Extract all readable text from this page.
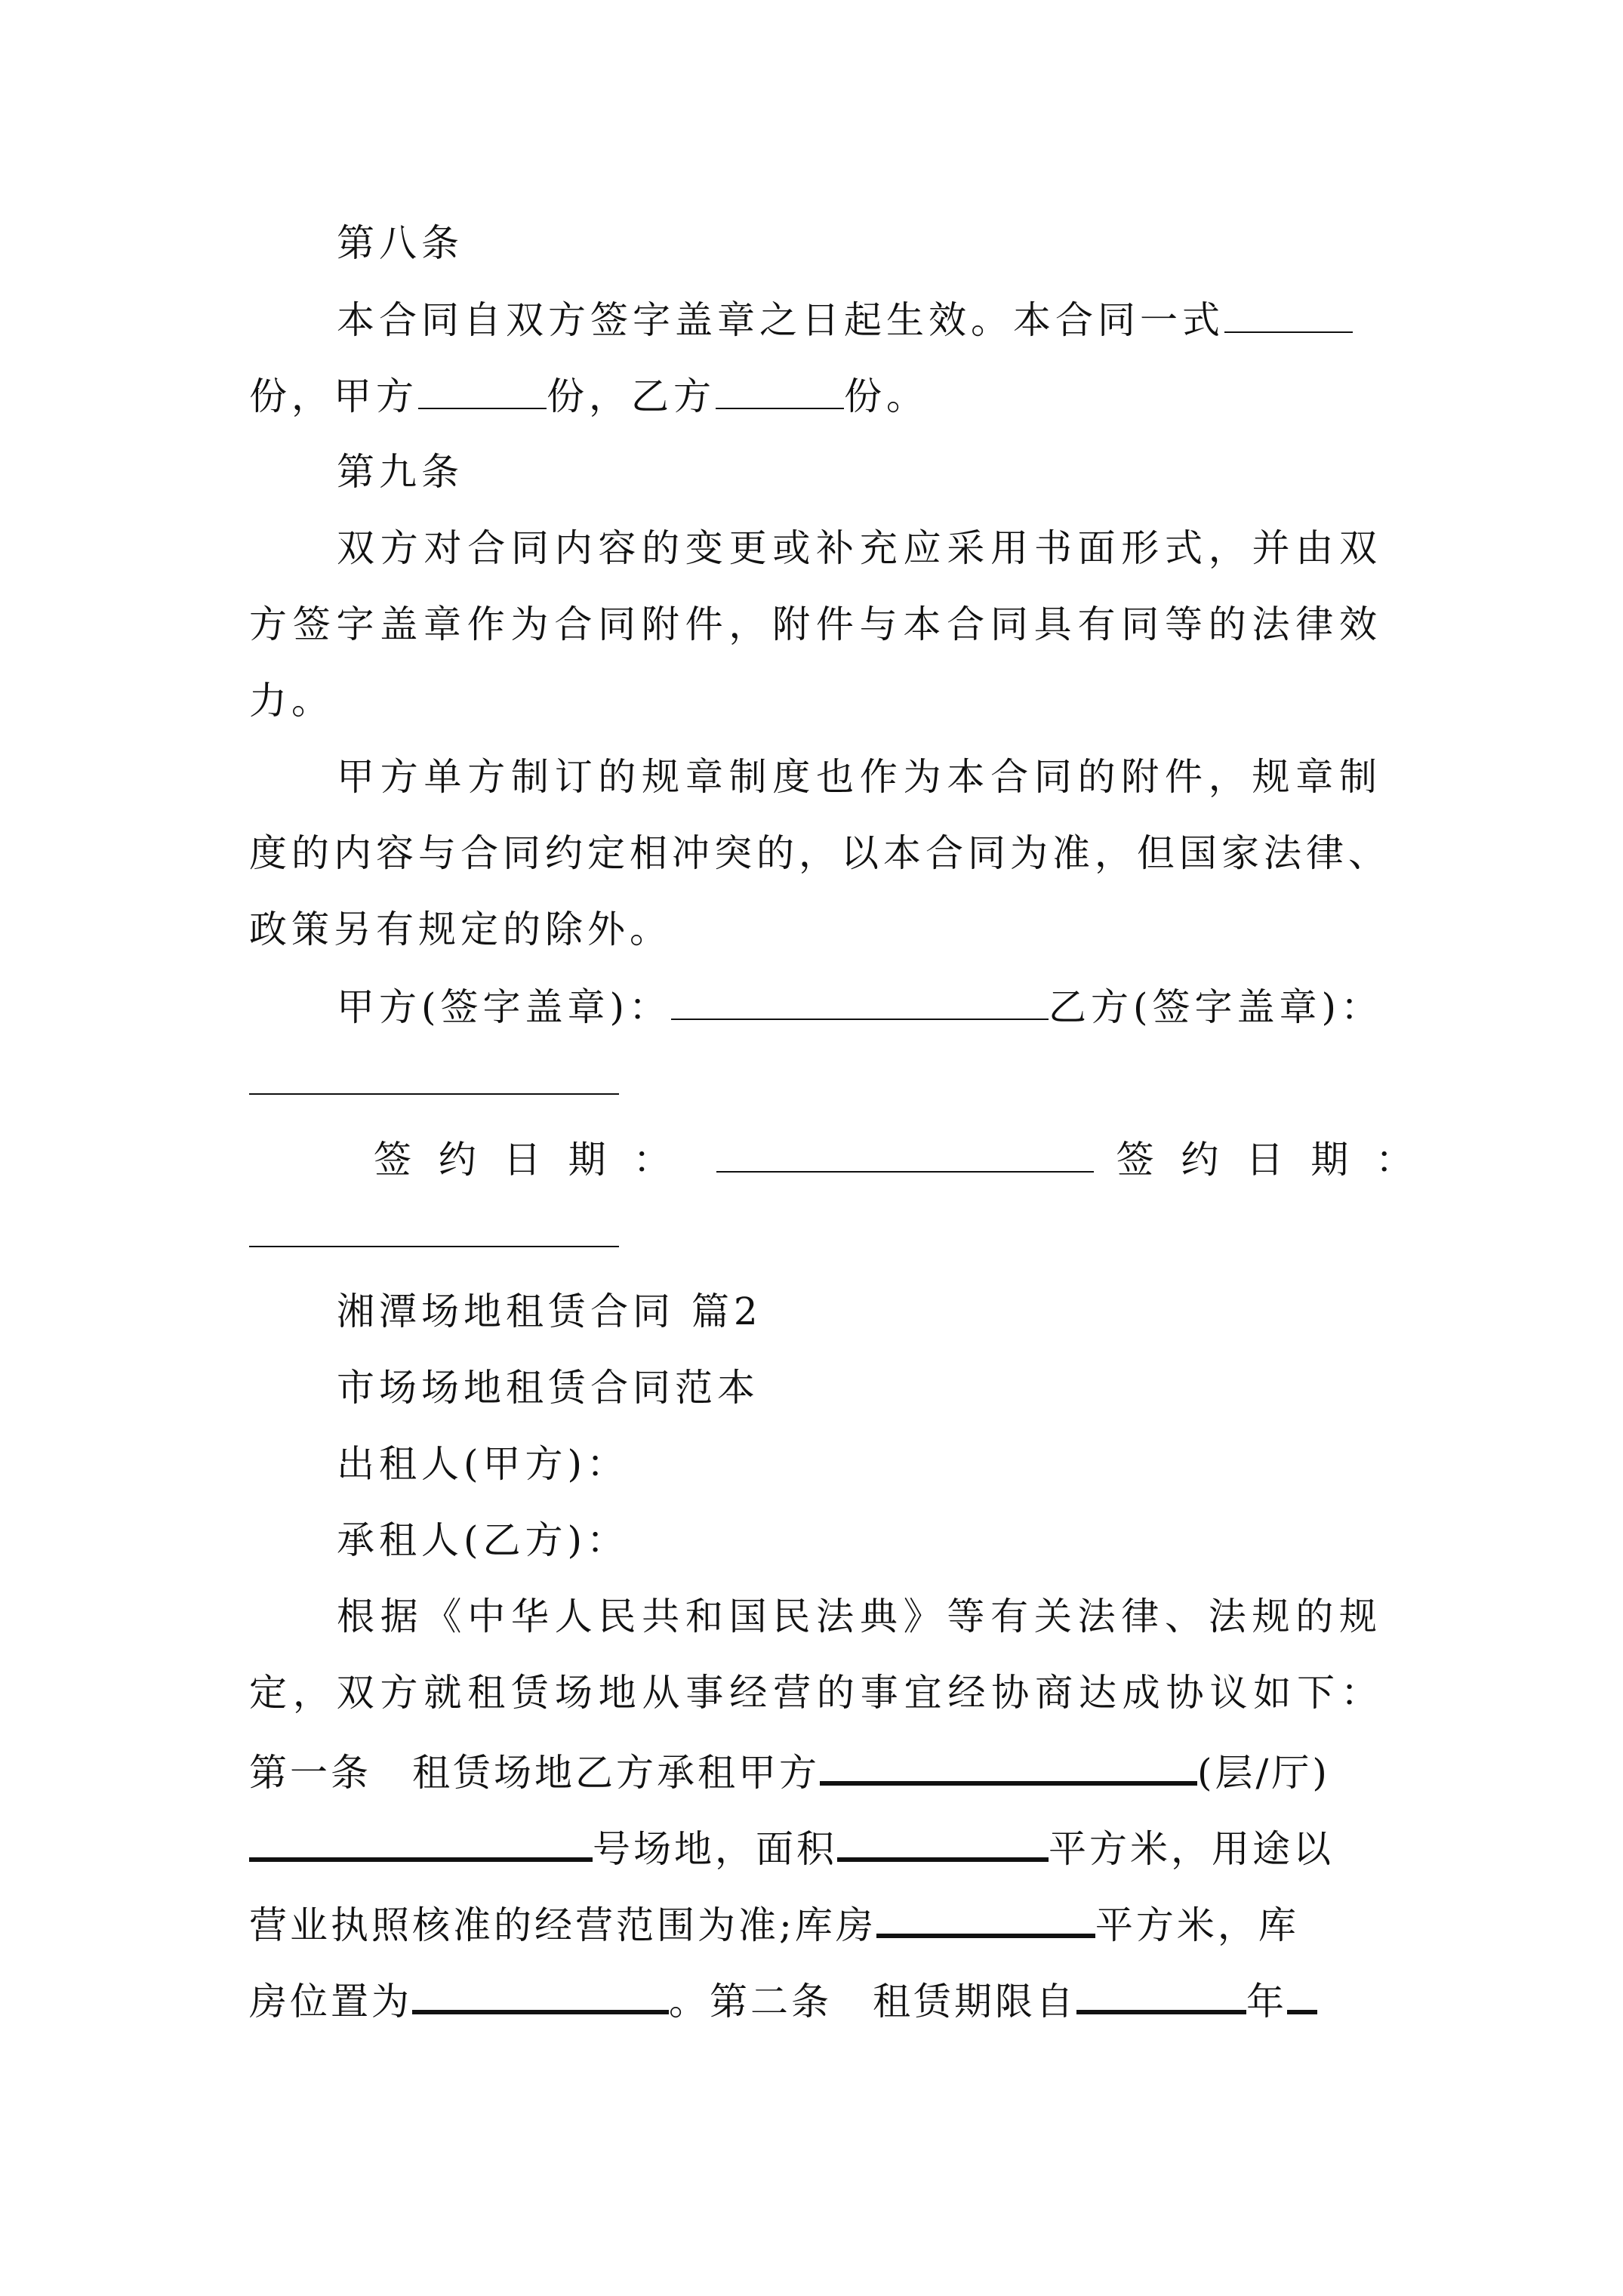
第八条
本合同自双方签字盖章之日起生效。本合同一式
份，甲方	份，乙方	份。
第九条
双方对合同内容的变更或补充应采用书面形式，并由双
方签字盖章作为合同附件，附件与本合同具有同等的法律效
力。
甲方单方制订的规章制度也作为本合同的附件，规章制
度的内容与合同约定相冲突的，以本合同为准，但国家法律、
政策另有规定的除外。
甲方(签字盖章)：	乙方(签字盖章)：
签 约 日 期 ：	签 约 日 期 ：
湘潭场地租赁合同 篇2
市场场地租赁合同范本
出租人(甲方)：
承租人(乙方)：
根据《中华人民共和国民法典》等有关法律、法规的规
定，双方就租赁场地从事经营的事宜经协商达成协议如下：
第一条　租赁场地乙方承租甲方	(层/厅)
号场地，面积	平方米，用途以
营业执照核准的经营范围为准;库房	平方米，库
房位置为	。第二条　租赁期限自	年
